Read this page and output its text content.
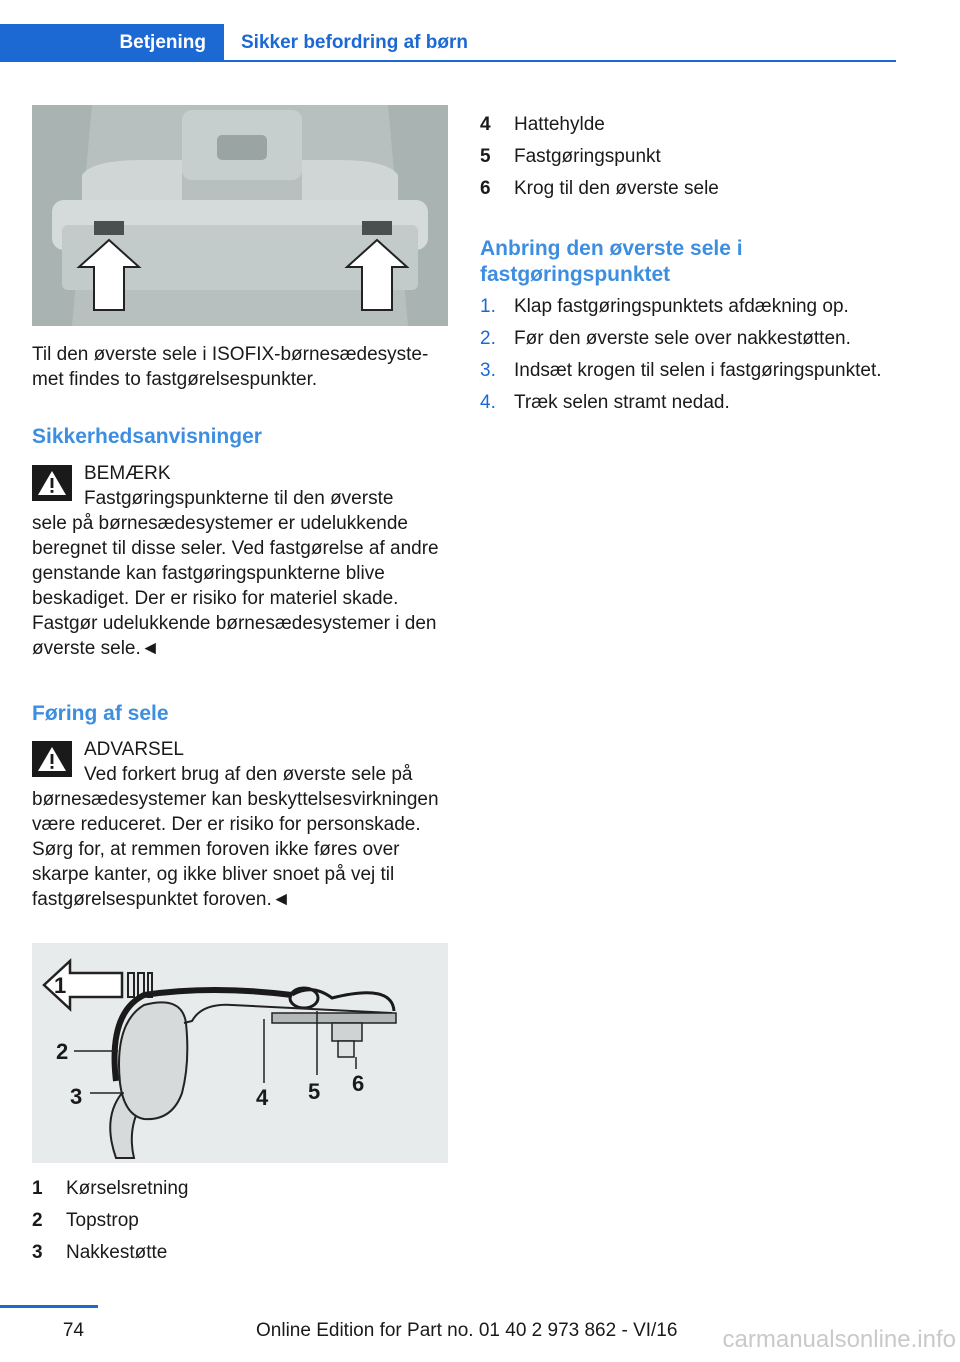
Betjening	Sikker befordring af børn

Til den øverste sele i ISOFIX-børnesædesystemet findes to fastgørelsespunkter.

Sikkerhedsanvisninger
BEMÆRK
Fastgøringspunkterne til den øverste
sele på børnesædesystemer er udelukkende beregnet til disse seler. Ved fastgørelse af andre genstande kan fastgøringspunkterne blive beskadiget. Der er risiko for materiel skade. Fastgør udelukkende børnesædesystemer i den øverste sele.◄
Føring af sele
ADVARSEL
Ved forkert brug af den øverste sele på
børnesædesystemer kan beskyttelsesvirkningen være reduceret. Der er risiko for personskade. Sørg for, at remmen foroven ikke føres over skarpe kanter, og ikke bliver snoet på vej til fastgørelsespunktet foroven.◄
1
2
3	4 5 6
1 Kørselsretning
2 Topstrop
3 Nakkestøtte
4 Hattehylde
5 Fastgøringspunkt
6 Krog til den øverste sele
Anbring den øverste sele i fastgøringspunktet
1. Klap fastgøringspunktets afdækning op.
2. Før den øverste sele over nakkestøtten.
3. Indsæt krogen til selen i fastgøringspunktet.
4. Træk selen stramt nedad.
74	Online Edition for Part no. 01 40 2 973 862 - VI/16 carmanualsonline.info
